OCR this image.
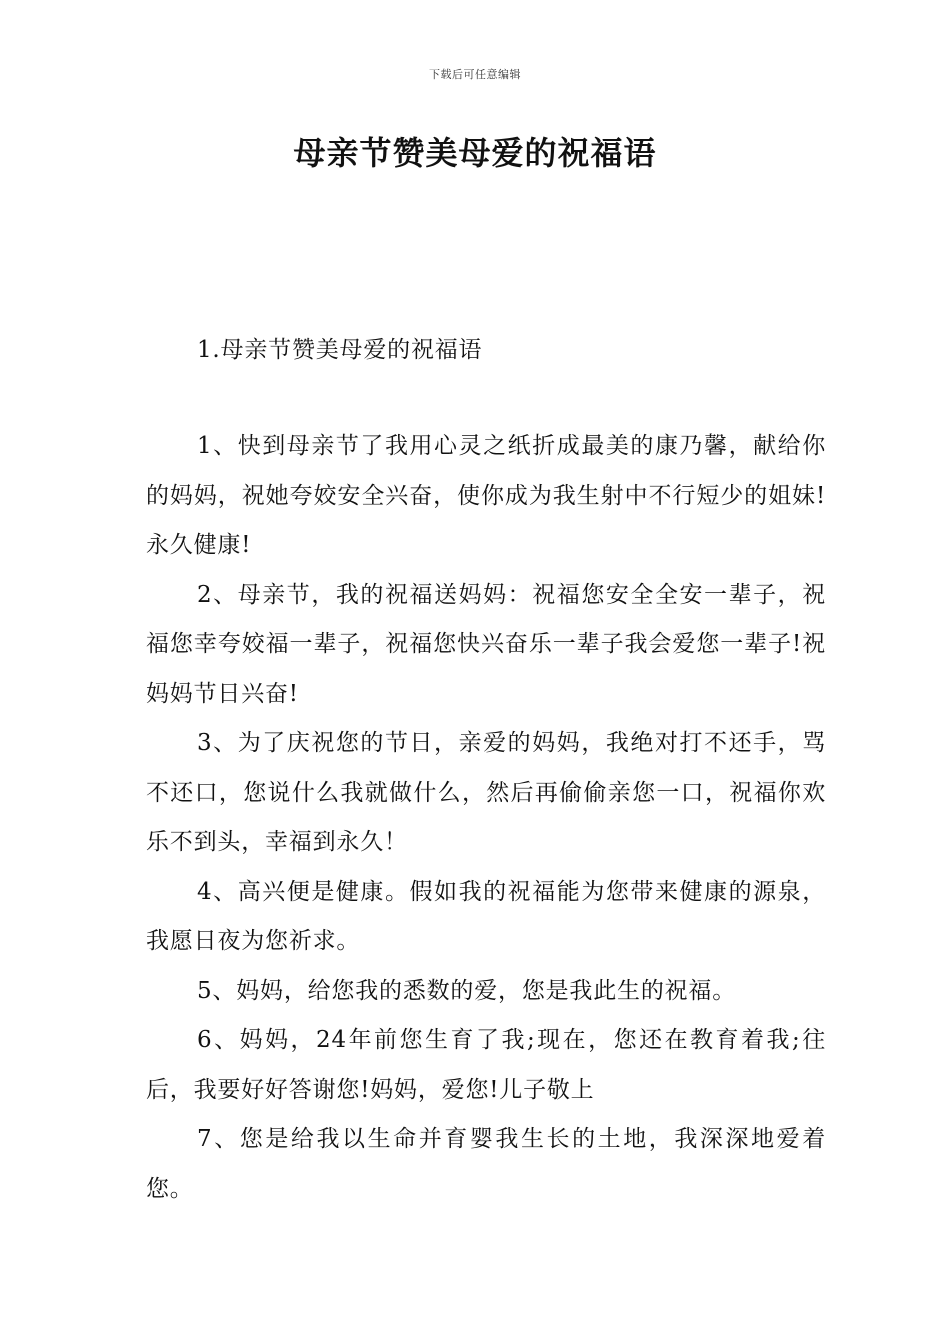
下载后可任意编辑
母亲节赞美母爱的祝福语
1.母亲节赞美母爱的祝福语

1、快到母亲节了我用心灵之纸折成最美的康乃馨，献给你的妈妈，祝她夸姣安全兴奋，使你成为我生射中不行短少的姐妹!永久健康!

2、母亲节，我的祝福送妈妈：祝福您安全全安一辈子，祝福您幸夸姣福一辈子，祝福您快兴奋乐一辈子我会爱您一辈子!祝妈妈节日兴奋!

3、为了庆祝您的节日，亲爱的妈妈，我绝对打不还手，骂不还口，您说什么我就做什么，然后再偷偷亲您一口，祝福你欢乐不到头，幸福到永久！

4、高兴便是健康。假如我的祝福能为您带来健康的源泉，我愿日夜为您祈求。

5、妈妈，给您我的悉数的爱，您是我此生的祝福。

6、妈妈，24年前您生育了我;现在，您还在教育着我;往后，我要好好答谢您!妈妈，爱您!儿子敬上

7、您是给我以生命并育婴我生长的土地，我深深地爱着您。
